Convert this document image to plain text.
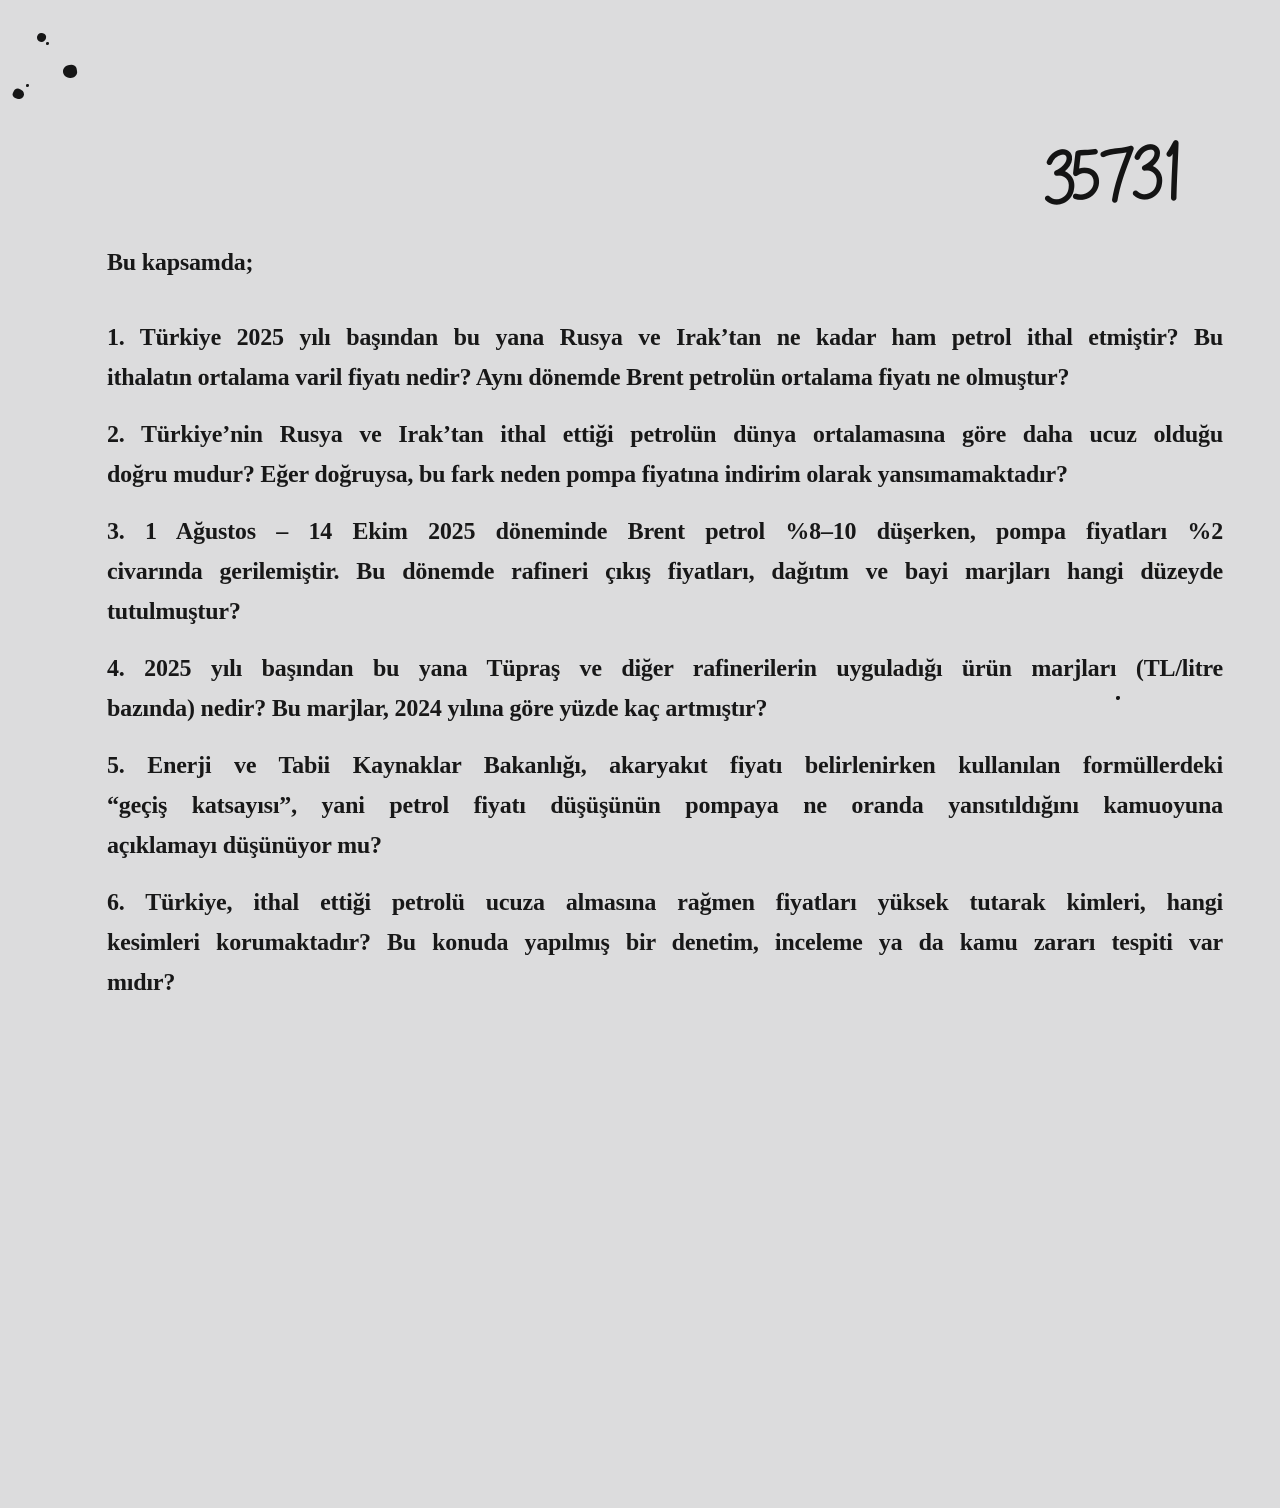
Bu kapsamda;

1. Türkiye 2025 yılı başından bu yana Rusya ve Irak’tan ne kadar ham petrol ithal etmiştir? Bu
ithalatın ortalama varil fiyatı nedir? Aynı dönemde Brent petrolün ortalama fiyatı ne olmuştur?

2. Türkiye’nin Rusya ve Irak’tan ithal ettiği petrolün dünya ortalamasına göre daha ucuz olduğu
doğru mudur? Eğer doğruysa, bu fark neden pompa fiyatına indirim olarak yansımamaktadır?

3. 1 Ağustos – 14 Ekim 2025 döneminde Brent petrol %8–10 düşerken, pompa fiyatları %2
civarında gerilemiştir. Bu dönemde rafineri çıkış fiyatları, dağıtım ve bayi marjları hangi düzeyde
tutulmuştur?

4. 2025 yılı başından bu yana Tüpraş ve diğer rafinerilerin uyguladığı ürün marjları (TL/litre
bazında) nedir? Bu marjlar, 2024 yılına göre yüzde kaç artmıştır?

5. Enerji ve Tabii Kaynaklar Bakanlığı, akaryakıt fiyatı belirlenirken kullanılan formüllerdeki
“geçiş katsayısı”, yani petrol fiyatı düşüşünün pompaya ne oranda yansıtıldığını kamuoyuna
açıklamayı düşünüyor mu?

6. Türkiye, ithal ettiği petrolü ucuza almasına rağmen fiyatları yüksek tutarak kimleri, hangi
kesimleri korumaktadır? Bu konuda yapılmış bir denetim, inceleme ya da kamu zararı tespiti var
mıdır?
